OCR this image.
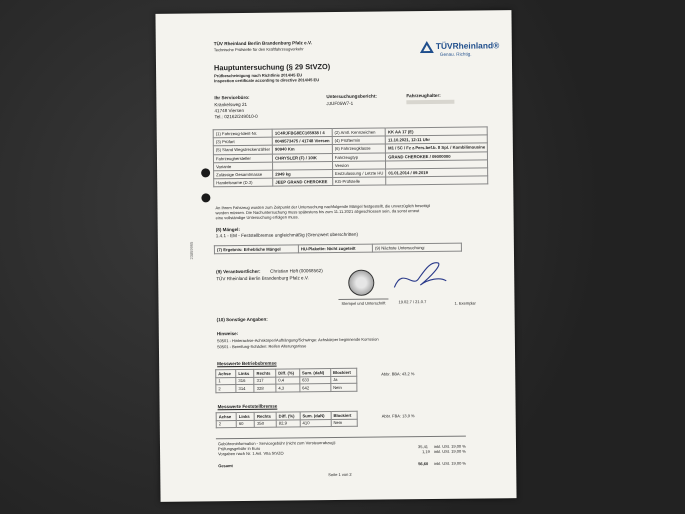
TÜV Rheinland Berlin Brandenburg Pfalz e.V.
Technische Prüfstelle für den Kraftfahrzeugverkehr	TÜVRheinland®
Genau. Richtig.
Hauptuntersuchung (§ 29 StVZO)
Prüfbescheinigung nach Richtlinie 2014/45 EU
Inspection certificate according to directive 2014/45 EU
Ihr Servicebüro:
Kränkelsweg 21
41748 Viersen
Tel.: 02162/249010-0
Untersuchungsbericht:
JJUF05W7-1
Fahrzeughalter:
(1) Fahrzeug-Ident-Nr.	1C4RJFBG8EC165938 / 4	(2) Amtl. Kennzeichen	KK AA 17 (E)
(3) Prüfart	0049573475 / 41748 Viersen	(4) Prüftermin	11.10.2021, 12:11 Uhr
(5) Stand Wegstreckenzähler	90940 Km	(6) Fahrzeugklasse	M1 / 5C / Fz z.Pers.bef.b. 8 Spl. / Kombilimousine
Fahrzeughersteller	CHRYSLER (F) / 10IK	Fahrzeugtyp	GRAND CHEROKEE / 09000000
Variante		Version	
Zulässige Gesamtmasse	2949 kg	Erstzulassung / Letzte HU	01.01.2014 / 09.2019
Handelsname (D.3)	JEEP GRAND CHEROKEE	KG-Prüfstelle	
An Ihrem Fahrzeug wurden zum Zeitpunkt der Untersuchung nachfolgende Mängel festgestellt, die unverzüglich beseitigt
werden müssen. Die Nachuntersuchung muss spätestens bis zum 11.11.2021 abgeschlossen sein, da sonst erneut
eine vollständige Untersuchung erfolgen muss.
(8) Mängel:
1.4.1 - EM - Feststellbremse ungleichmäßig (Grenzwert überschritten)
(7) Ergebnis: Erhebliche Mängel	HU-Plakette: Nicht zugeteilt	(9) Nächste Untersuchung:
(9) Verantwortlicher: Christian Höft (00068562)
TÜV Rheinland Berlin Brandenburg Pfalz e.V.
Stempel und Unterschrift	19.02.7 / 21.0.7	1. Exemplar
(10) Sonstige Angaben:
Hinweise:
S0501 - Hinterachse-Achskörper/Aufhängung/Schwinge: Achskörper beginnende Korrosion
S0501 - Bereifung-Schäden: Reifen Alterungsrisse
Messwerte Betriebsbremse
Achse	Links	Rechts	Diff. (%)	Sum. (daN)	Blockiert
1	316	317	0,4	633	Ja
2	314	328	4,3	642	Nein
Abbr. BBA: 43,2 %
Messwerte Feststellbremse
Achse	Links	Rechts	Diff. (%)	Sum. (daN)	Blockiert
2	60	350	82,9	410	Nein
Abbr. FBA: 13,9 %
Gebühreninformation - Servicegebühr (nicht zum Vorsteuerabzug):
Prüfungsgebühr in Euro
Vorgaben nach Nr. 1 Anl. VIIa StVZO
35,41 inkl. USt. 19,00 %
1,19 inkl. USt. 19,00 %
Gesamt	56,60 inkl. USt. 19,00 %
Seite 1 von 2
23859965
